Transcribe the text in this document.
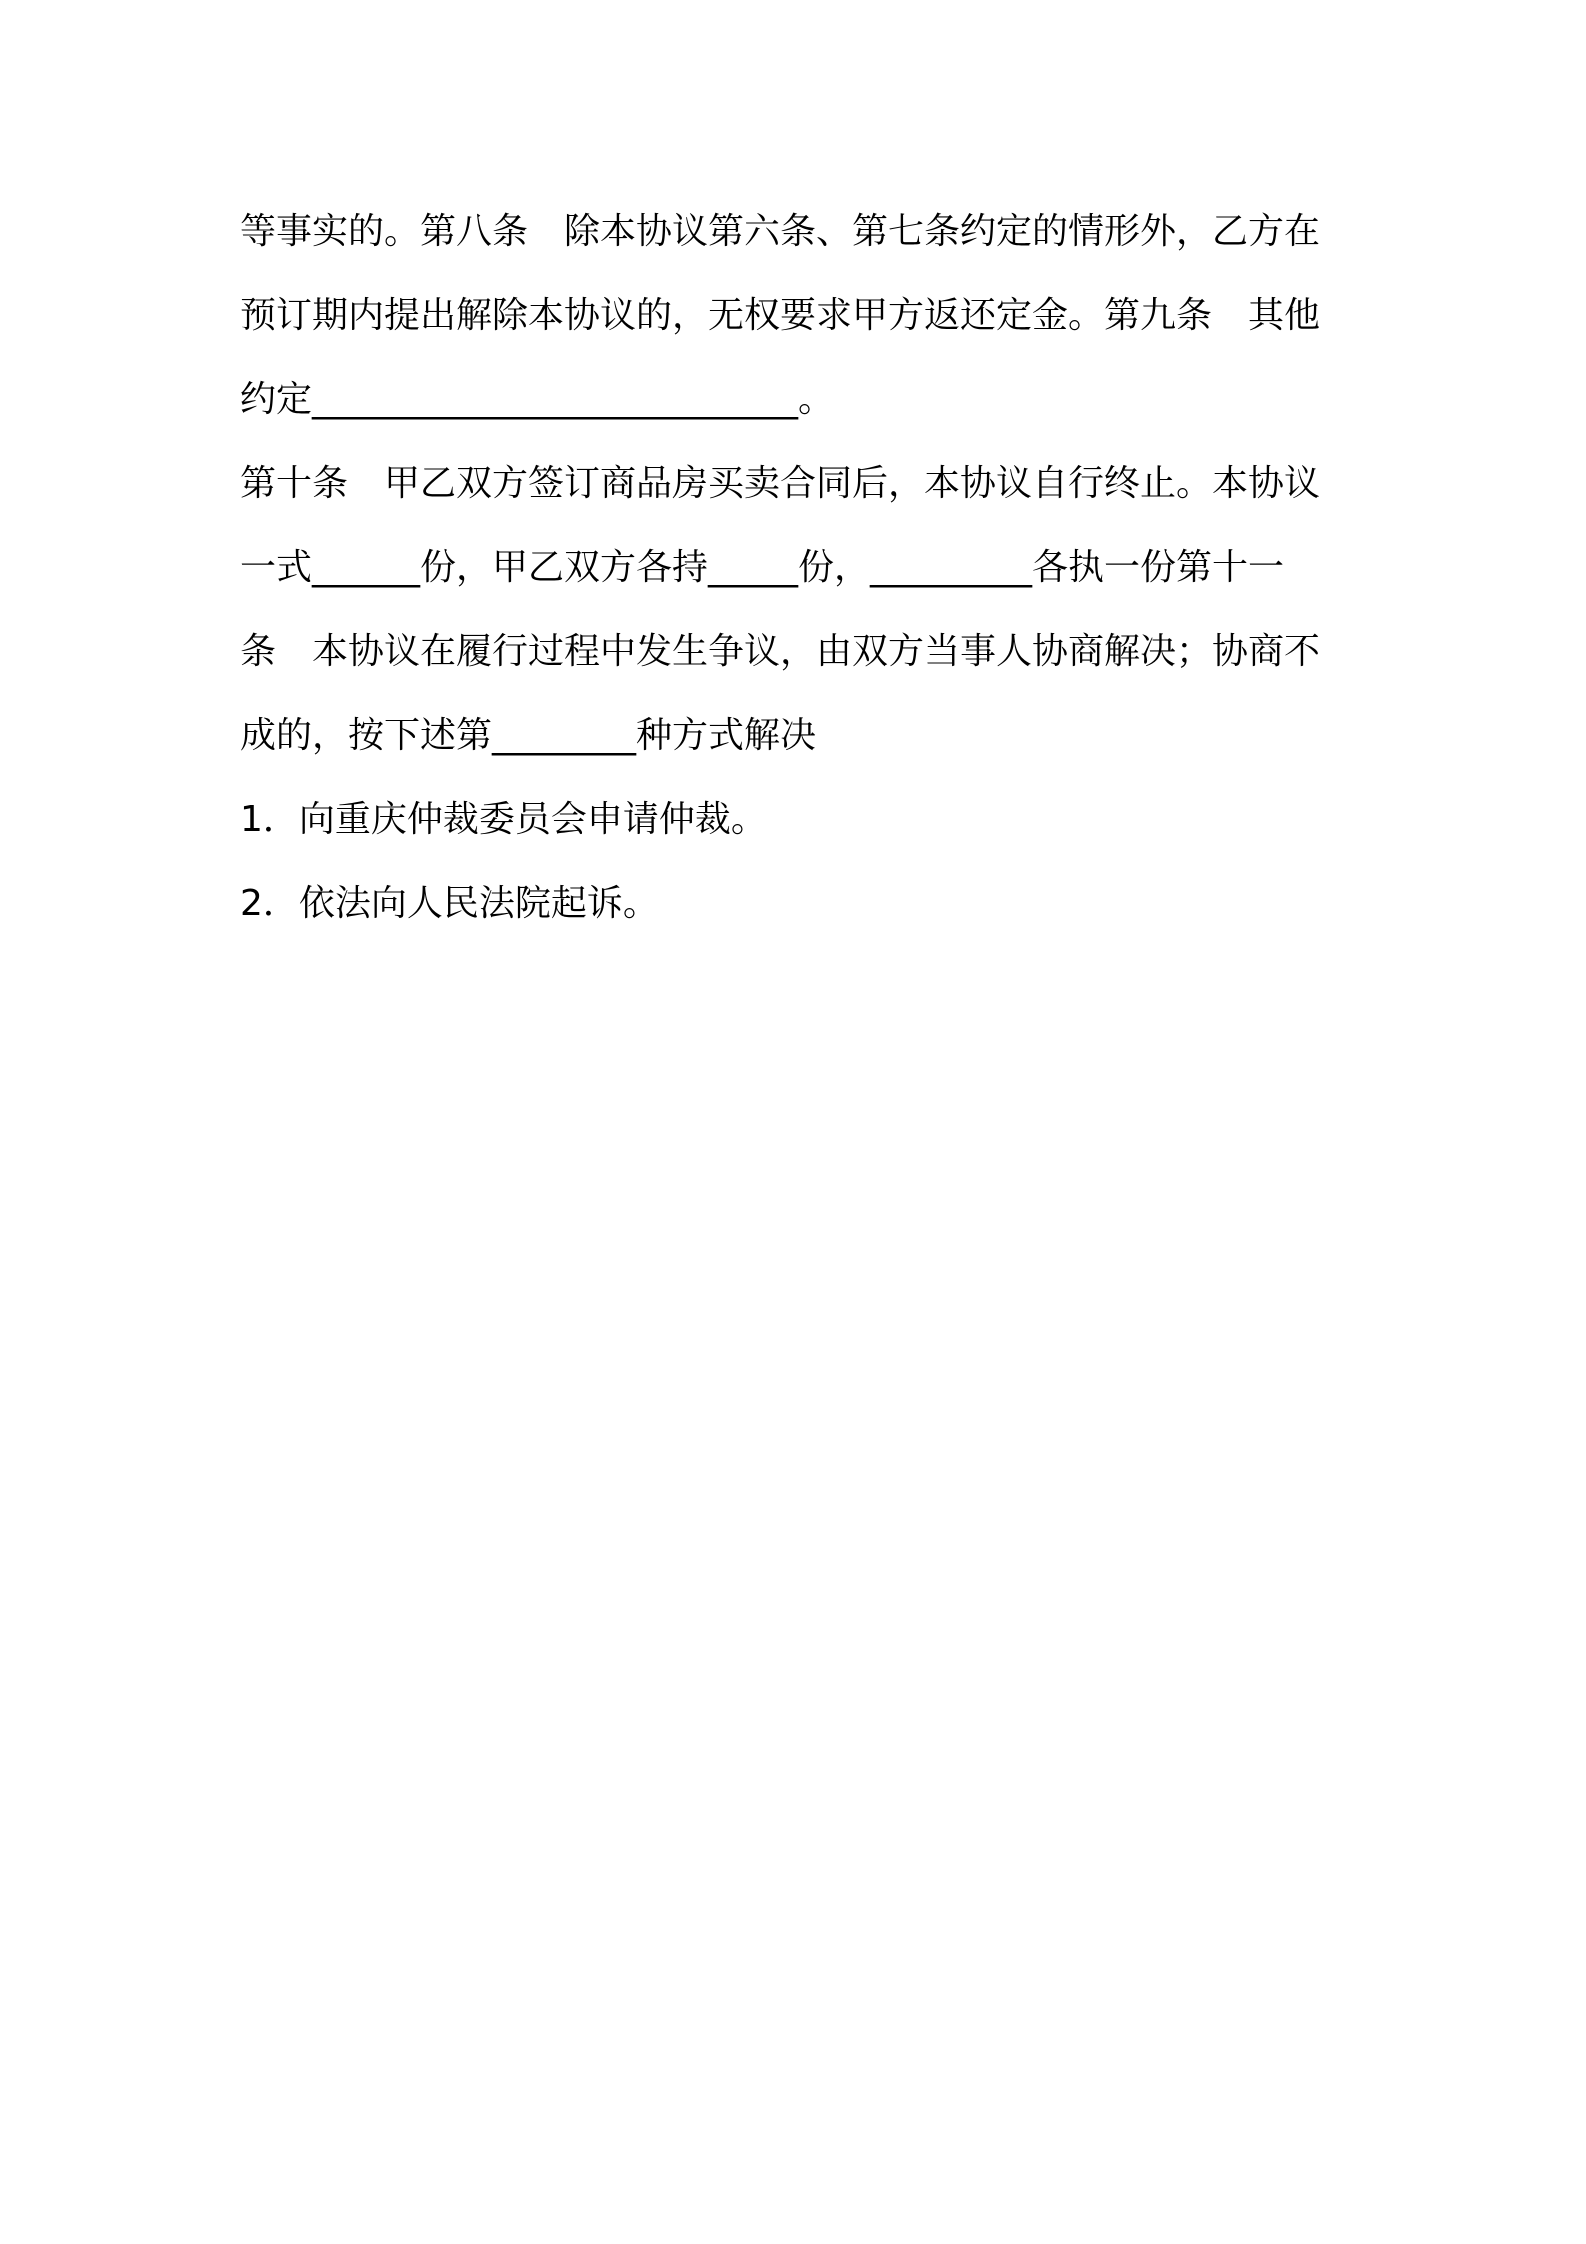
等事实的。第八条　除本协议第六条、第七条约定的情形外，乙方在
预订期内提出解除本协议的，无权要求甲方返还定金。第九条　其他
约定___________________________。
第十条　甲乙双方签订商品房买卖合同后，本协议自行终止。本协议
一式______份，甲乙双方各持_____份，_________各执一份第十一
条　本协议在履行过程中发生争议，由双方当事人协商解决；协商不
成的，按下述第________种方式解决
1．向重庆仲裁委员会申请仲裁。
2．依法向人民法院起诉。
